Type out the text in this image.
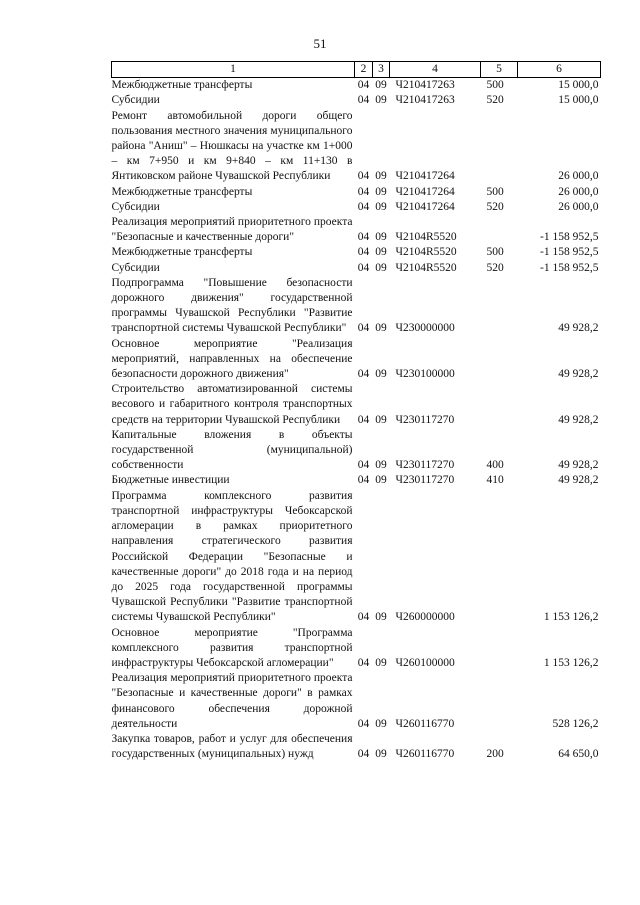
51
1	2	3	4	5	6
Межбюджетные трансферты	04	09	Ч210417263	500	15 000,0
Субсидии	04	09	Ч210417263	520	15 000,0
Ремонт автомобильной дороги общего пользования местного значения муниципального района "Аниш" – Нюшкасы на участке км 1+000 – км 7+950 и км 9+840 – км 11+130 в Янтиковском районе Чувашской Республики	04	09	Ч210417264		26 000,0
Межбюджетные трансферты	04	09	Ч210417264	500	26 000,0
Субсидии	04	09	Ч210417264	520	26 000,0
Реализация мероприятий приоритетного проекта "Безопасные и качественные дороги"	04	09	Ч2104R5520		-1 158 952,5
Межбюджетные трансферты	04	09	Ч2104R5520	500	-1 158 952,5
Субсидии	04	09	Ч2104R5520	520	-1 158 952,5
Подпрограмма "Повышение безопасности дорожного движения" государственной программы Чувашской Республики "Развитие транспортной системы Чувашской Республики"	04	09	Ч230000000		49 928,2
Основное мероприятие "Реализация мероприятий, направленных на обеспечение безопасности дорожного движения"	04	09	Ч230100000		49 928,2
Строительство автоматизированной системы весового и габаритного контроля транспортных средств на территории Чувашской Республики	04	09	Ч230117270		49 928,2
Капитальные вложения в объекты государственной (муниципальной) собственности	04	09	Ч230117270	400	49 928,2
Бюджетные инвестиции	04	09	Ч230117270	410	49 928,2
Программа комплексного развития транспортной инфраструктуры Чебоксарской агломерации в рамках приоритетного направления стратегического развития Российской Федерации "Безопасные и качественные дороги" до 2018 года и на период до 2025 года государственной программы Чувашской Республики "Развитие транспортной системы Чувашской Республики"	04	09	Ч260000000		1 153 126,2
Основное мероприятие "Программа комплексного развития транспортной инфраструктуры Чебоксарской агломерации"	04	09	Ч260100000		1 153 126,2
Реализация мероприятий приоритетного проекта "Безопасные и качественные дороги" в рамках финансового обеспечения дорожной деятельности	04	09	Ч260116770		528 126,2
Закупка товаров, работ и услуг для обеспечения государственных (муниципальных) нужд	04	09	Ч260116770	200	64 650,0
